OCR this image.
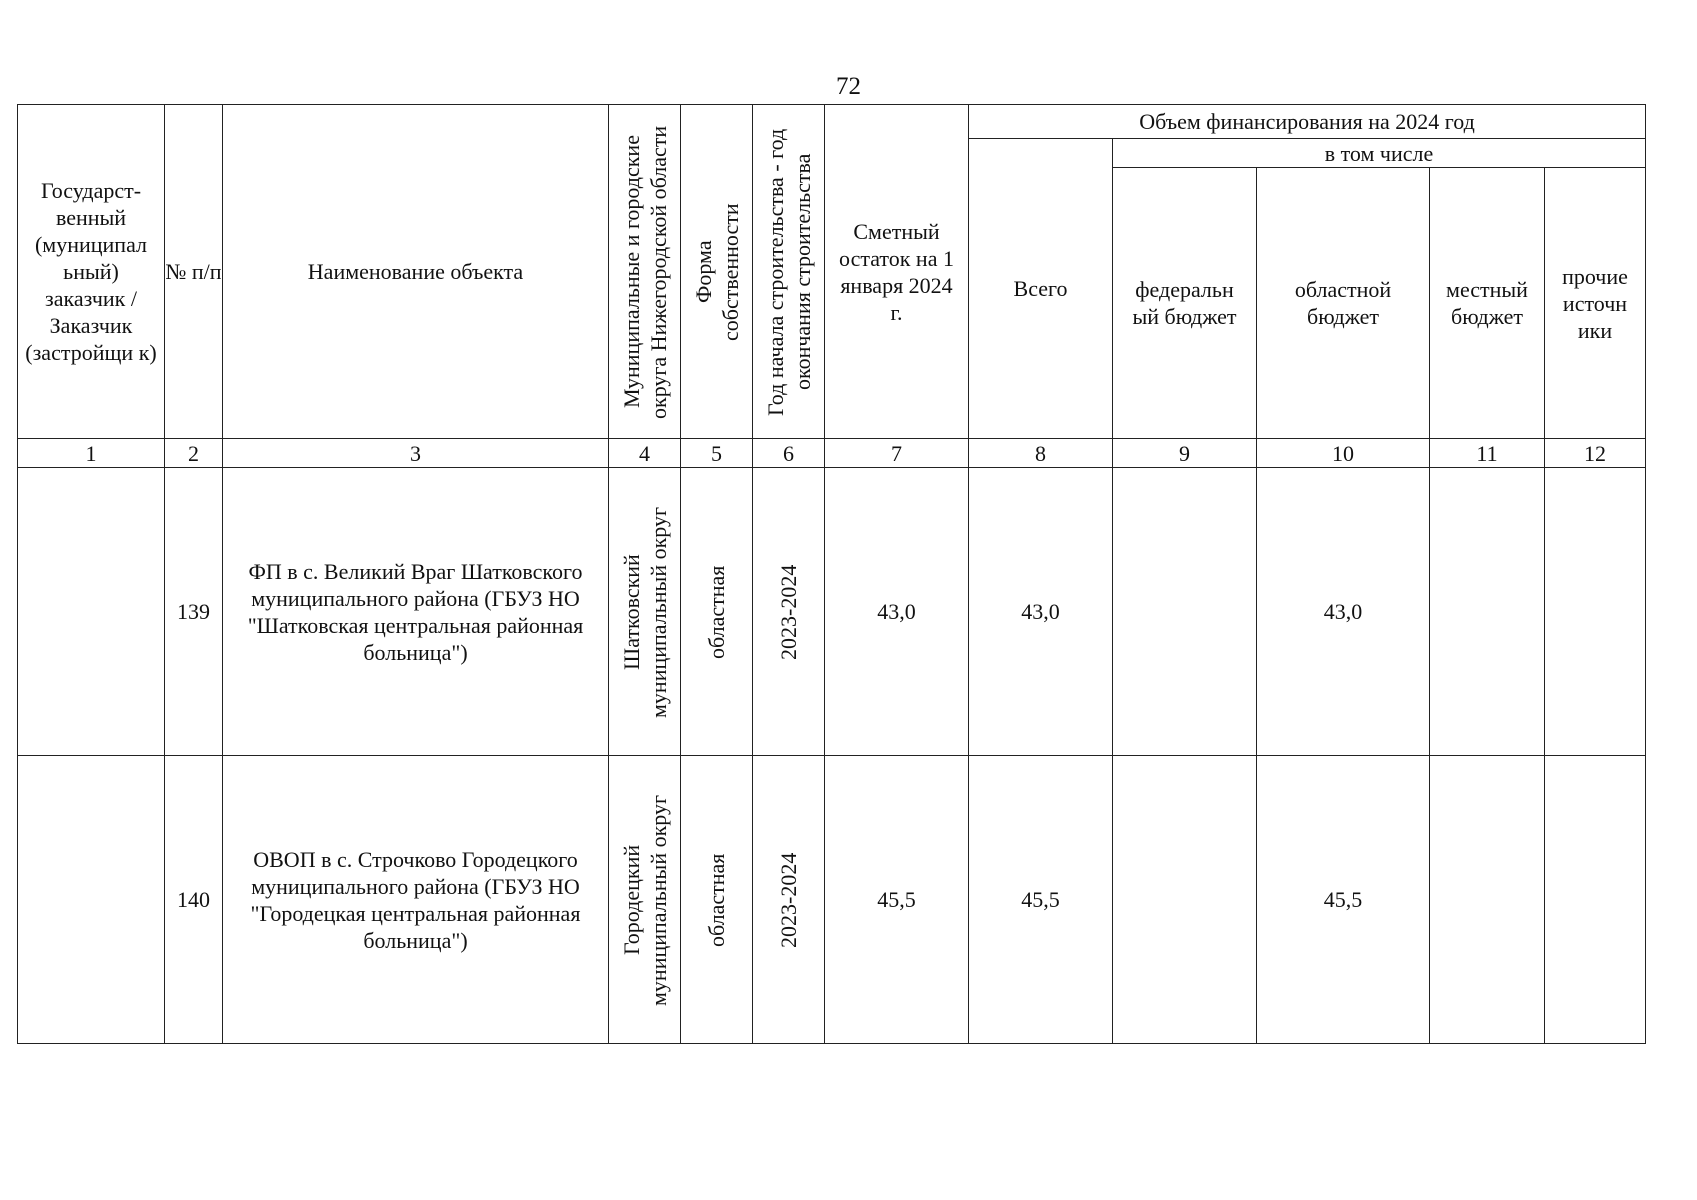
72
Государст-венный (муниципал ьный) заказчик / Заказчик (застройщи к)	№ п/п	Наименование объекта	Муниципальные и городские округа Нижегородской области	Форма собственности	Год начала строительства - год окончания строительства	Сметный остаток на 1 января 2024 г.	Объем финансирования на 2024 год				
							Всего	в том числе			
								федеральн ый бюджет	областной бюджет	местный бюджет	прочие источн ики
1	2	3	4	5	6	7	8	9	10	11	12
	139	ФП в с. Великий Враг Шатковского муниципального района (ГБУЗ НО "Шатковская центральная районная больница")	Шатковский муниципальный округ	областная	2023-2024	43,0	43,0		43,0		
	140	ОВОП в с. Строчково Городецкого муниципального района (ГБУЗ НО "Городецкая центральная районная больница")	Городецкий муниципальный округ	областная	2023-2024	45,5	45,5		45,5		
